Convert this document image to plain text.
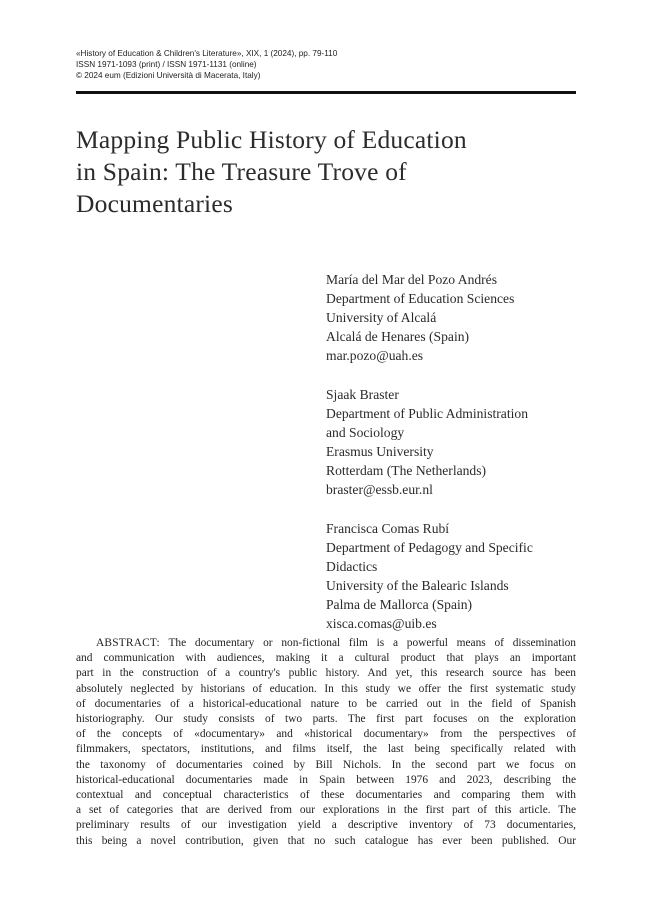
«History of Education & Children's Literature», XIX, 1 (2024), pp. 79-110
ISSN 1971-1093 (print) / ISSN 1971-1131 (online)
© 2024 eum (Edizioni Università di Macerata, Italy)
Mapping Public History of Education
in Spain: The Treasure Trove of
Documentaries
María del Mar del Pozo Andrés
Department of Education Sciences
University of Alcalá
Alcalá de Henares (Spain)
mar.pozo@uah.es
Sjaak Braster
Department of Public Administration
and Sociology
Erasmus University
Rotterdam (The Netherlands)
braster@essb.eur.nl
Francisca Comas Rubí
Department of Pedagogy and Specific
Didactics
University of the Balearic Islands
Palma de Mallorca (Spain)
xisca.comas@uib.es
ABSTRACT: The documentary or non-fictional film is a powerful means of dissemination
and communication with audiences, making it a cultural product that plays an important
part in the construction of a country's public history. And yet, this research source has been
absolutely neglected by historians of education. In this study we offer the first systematic study
of documentaries of a historical-educational nature to be carried out in the field of Spanish
historiography. Our study consists of two parts. The first part focuses on the exploration
of the concepts of «documentary» and «historical documentary» from the perspectives of
filmmakers, spectators, institutions, and films itself, the last being specifically related with
the taxonomy of documentaries coined by Bill Nichols. In the second part we focus on
historical-educational documentaries made in Spain between 1976 and 2023, describing the
contextual and conceptual characteristics of these documentaries and comparing them with
a set of categories that are derived from our explorations in the first part of this article. The
preliminary results of our investigation yield a descriptive inventory of 73 documentaries,
this being a novel contribution, given that no such catalogue has ever been published. Our
